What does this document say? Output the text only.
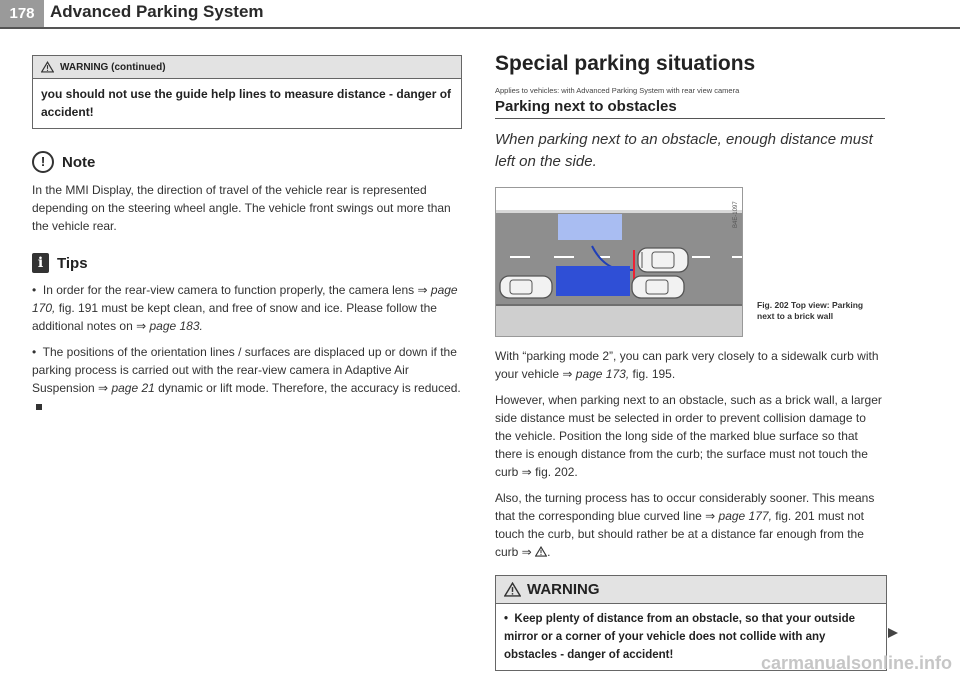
178 Advanced Parking System
WARNING (continued)
you should not use the guide help lines to measure distance - danger of accident!
!	Note

In the MMI Display, the direction of travel of the vehicle rear is represented depending on the steering wheel angle. The vehicle front swings out more than the vehicle rear.

i Tips

•  In order for the rear-view camera to function properly, the camera lens ⇒ page 170, fig. 191 must be kept clean, and free of snow and ice. Please follow the additional notes on ⇒ page 183.

•  The positions of the orientation lines / surfaces are displaced up or down if the parking process is carried out with the rear-view camera in Adaptive Air Suspension ⇒ page 21 dynamic or lift mode. Therefore, the accuracy is reduced.

Special parking situations
Applies to vehicles: with Advanced Parking System with rear view camera
Parking next to obstacles
When parking next to an obstacle, enough distance must left on the side.
B4E-1097
Fig. 202 Top view: Parking next to a brick wall

With “parking mode 2”, you can park very closely to a sidewalk curb with your vehicle ⇒ page 173, fig. 195.

However, when parking next to an obstacle, such as a brick wall, a larger side distance must be selected in order to prevent collision damage to the vehicle. Position the long side of the marked blue surface so that there is enough distance from the curb; the surface must not touch the curb ⇒ fig. 202.

Also, the turning process has to occur considerably sooner. This means that the corresponding blue curved line ⇒ page 177, fig. 201 must not touch the curb, but should rather be at a distance far enough from the curb ⇒ .

WARNING
•  Keep plenty of distance from an obstacle, so that your outside mirror or a corner of your vehicle does not collide with any obstacles - danger of accident!	carmanualsonline.info
